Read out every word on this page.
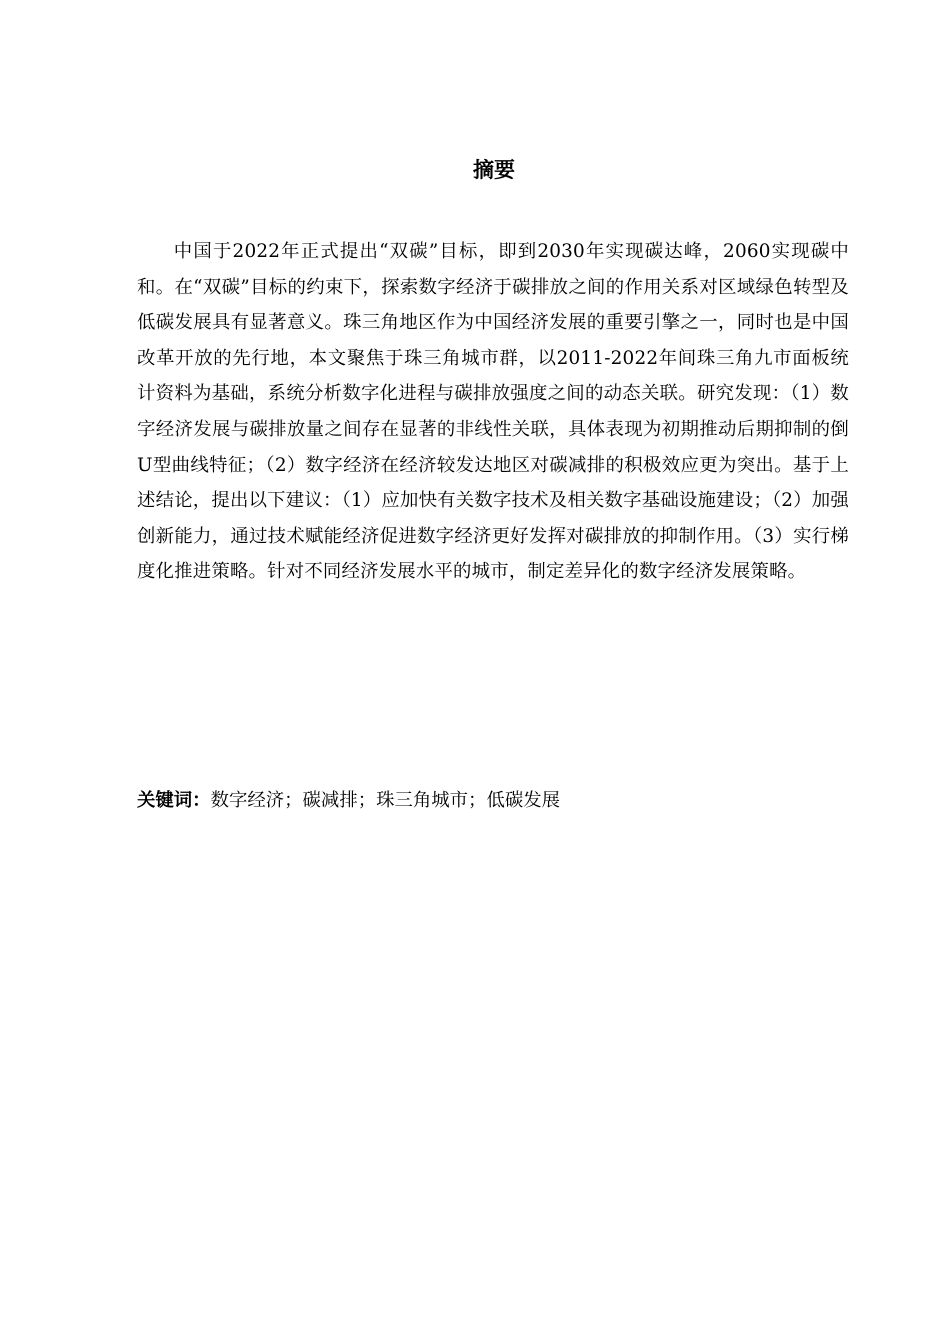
摘要

中国于2022年正式提出“双碳”目标，即到2030年实现碳达峰，2060实现碳中和。在“双碳”目标的约束下，探索数字经济于碳排放之间的作用关系对区域绿色转型及低碳发展具有显著意义。珠三角地区作为中国经济发展的重要引擎之一，同时也是中国改革开放的先行地，本文聚焦于珠三角城市群，以2011-2022年间珠三角九市面板统计资料为基础，系统分析数字化进程与碳排放强度之间的动态关联。研究发现：（1）数字经济发展与碳排放量之间存在显著的非线性关联，具体表现为初期推动后期抑制的倒U型曲线特征；（2）数字经济在经济较发达地区对碳减排的积极效应更为突出。基于上述结论，提出以下建议：（1）应加快有关数字技术及相关数字基础设施建设；（2）加强创新能力，通过技术赋能经济促进数字经济更好发挥对碳排放的抑制作用。（3）实行梯度化推进策略。针对不同经济发展水平的城市，制定差异化的数字经济发展策略。

关键词：数字经济；碳减排；珠三角城市；低碳发展
